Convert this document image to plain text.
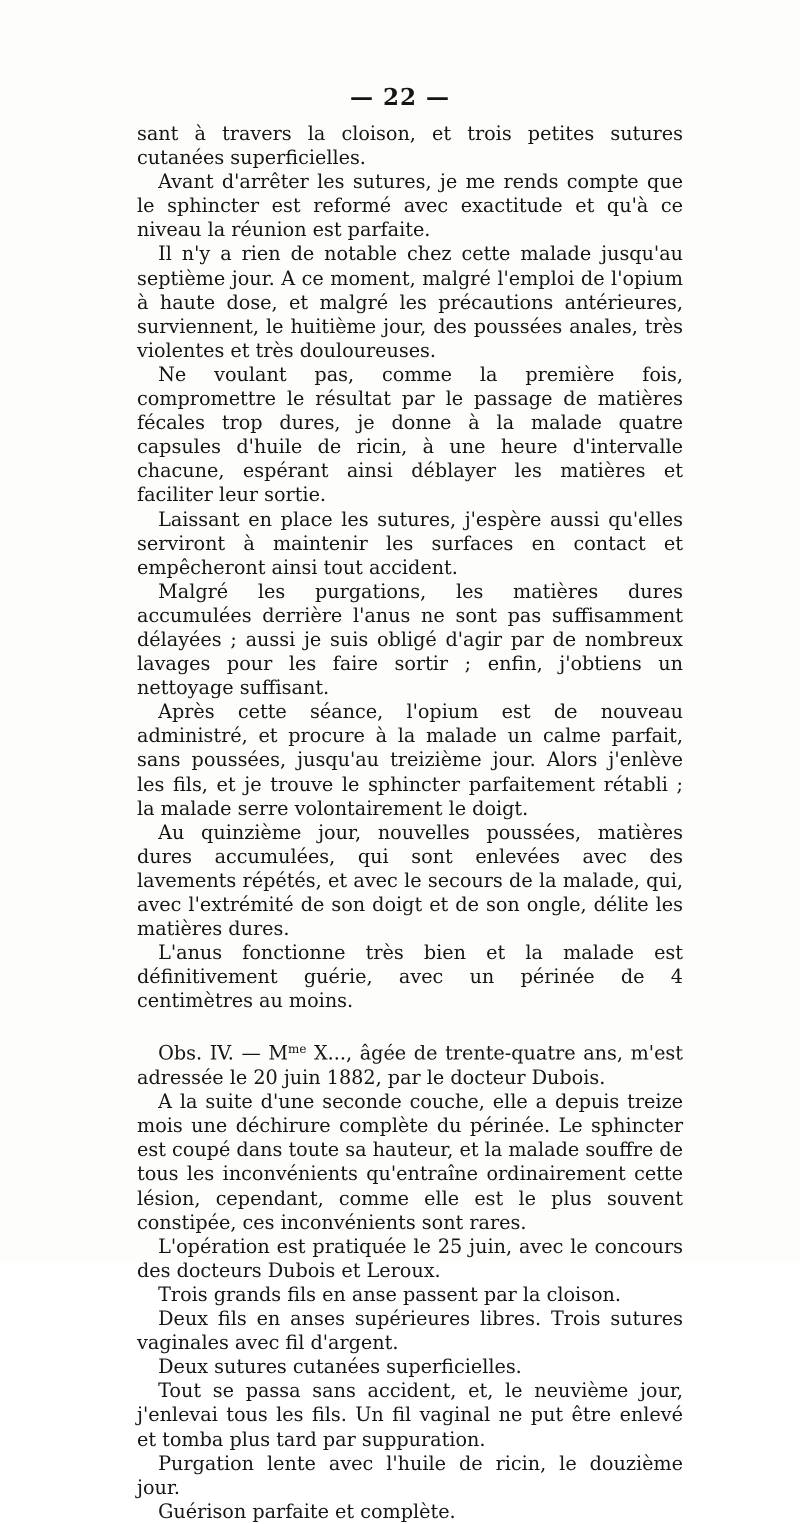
— 22 —

sant à travers la cloison, et trois petites sutures cutanées superficielles.

Avant d'arrêter les sutures, je me rends compte que le sphincter est reformé avec exactitude et qu'à ce niveau la réunion est parfaite.

Il n'y a rien de notable chez cette malade jusqu'au septième jour. A ce moment, malgré l'emploi de l'opium à haute dose, et malgré les précautions antérieures, surviennent, le huitième jour, des poussées anales, très violentes et très douloureuses.

Ne voulant pas, comme la première fois, compromettre le résultat par le passage de matières fécales trop dures, je donne à la malade quatre capsules d'huile de ricin, à une heure d'intervalle chacune, espérant ainsi déblayer les matières et faciliter leur sortie.

Laissant en place les sutures, j'espère aussi qu'elles serviront à maintenir les surfaces en contact et empêcheront ainsi tout accident.

Malgré les purgations, les matières dures accumulées derrière l'anus ne sont pas suffisamment délayées ; aussi je suis obligé d'agir par de nombreux lavages pour les faire sortir ; enfin, j'obtiens un nettoyage suffisant.

Après cette séance, l'opium est de nouveau administré, et procure à la malade un calme parfait, sans poussées, jusqu'au treizième jour. Alors j'enlève les fils, et je trouve le sphincter parfaitement rétabli ; la malade serre volontairement le doigt.

Au quinzième jour, nouvelles poussées, matières dures accumulées, qui sont enlevées avec des lavements répétés, et avec le secours de la malade, qui, avec l'extrémité de son doigt et de son ongle, délite les matières dures.

L'anus fonctionne très bien et la malade est définitivement guérie, avec un périnée de 4 centimètres au moins.

Obs. IV. — $M^{me}$ X..., âgée de trente-quatre ans, m'est adressée le 20 juin 1882, par le docteur Dubois.

A la suite d'une seconde couche, elle a depuis treize mois une déchirure complète du périnée. Le sphincter est coupé dans toute sa hauteur, et la malade souffre de tous les inconvénients qu'entraîne ordinairement cette lésion, cependant, comme elle est le plus souvent constipée, ces inconvénients sont rares.

L'opération est pratiquée le 25 juin, avec le concours des docteurs Dubois et Leroux.

Trois grands fils en anse passent par la cloison.

Deux fils en anses supérieures libres. Trois sutures vaginales avec fil d'argent.

Deux sutures cutanées superficielles.

Tout se passa sans accident, et, le neuvième jour, j'enlevai tous les fils. Un fil vaginal ne put être enlevé et tomba plus tard par suppuration.

Purgation lente avec l'huile de ricin, le douzième jour.

Guérison parfaite et complète.
